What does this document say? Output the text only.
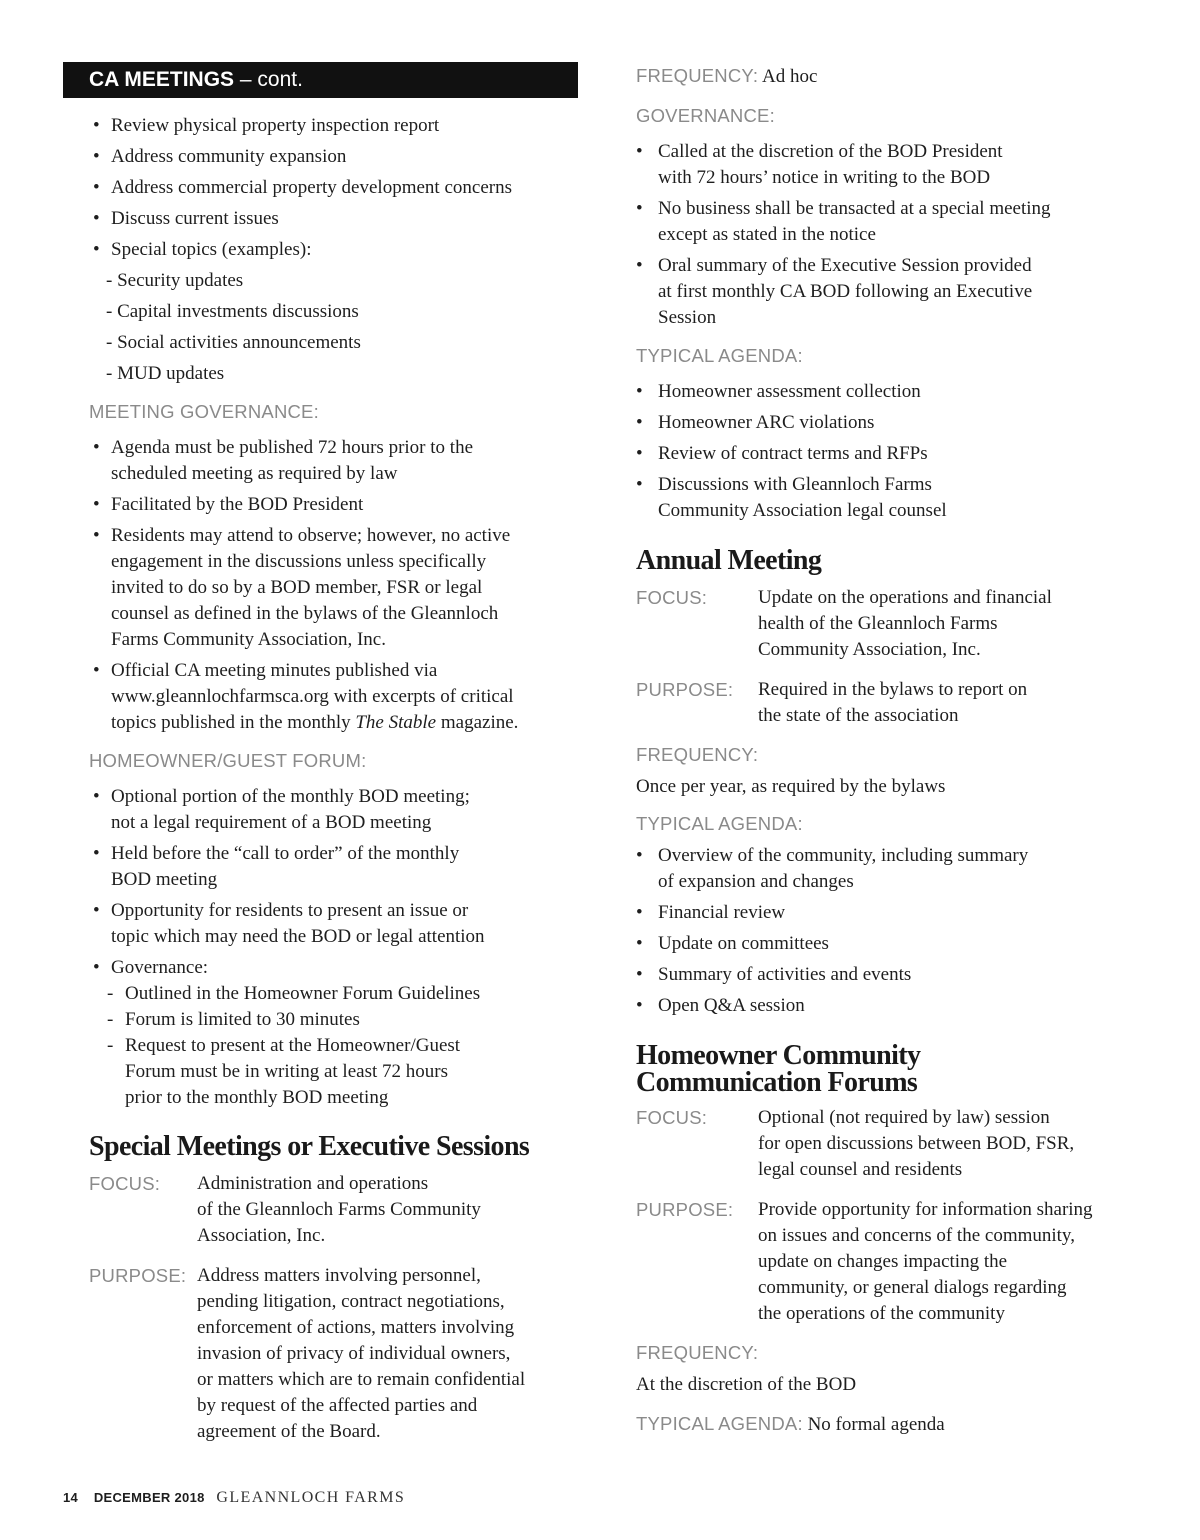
CA MEETINGS – cont.
• Review physical property inspection report
• Address community expansion
• Address commercial property development concerns
• Discuss current issues
• Special topics (examples):
- Security updates
- Capital investments discussions
- Social activities announcements
- MUD updates
MEETING GOVERNANCE:
• Agenda must be published 72 hours prior to the
scheduled meeting as required by law
• Facilitated by the BOD President
• Residents may attend to observe; however, no active
engagement in the discussions unless specifically
invited to do so by a BOD member, FSR or legal
counsel as defined in the bylaws of the Gleannloch
Farms Community Association, Inc.
• Official CA meeting minutes published via
www.gleannlochfarmsca.org with excerpts of critical
topics published in the monthly The Stable magazine.
HOMEOWNER/GUEST FORUM:
• Optional portion of the monthly BOD meeting;
not a legal requirement of a BOD meeting
• Held before the “call to order” of the monthly
BOD meeting
• Opportunity for residents to present an issue or
topic which may need the BOD or legal attention
• Governance:
- Outlined in the Homeowner Forum Guidelines
- Forum is limited to 30 minutes
- Request to present at the Homeowner/Guest
Forum must be in writing at least 72 hours
prior to the monthly BOD meeting
Special Meetings or Executive Sessions
FOCUS: Administration and operations
of the Gleannloch Farms Community
Association, Inc.
PURPOSE: Address matters involving personnel,
pending litigation, contract negotiations,
enforcement of actions, matters involving
invasion of privacy of individual owners,
or matters which are to remain confidential
by request of the affected parties and
agreement of the Board.
FREQUENCY: Ad hoc
GOVERNANCE:
• Called at the discretion of the BOD President
with 72 hours’ notice in writing to the BOD
• No business shall be transacted at a special meeting
except as stated in the notice
• Oral summary of the Executive Session provided
at first monthly CA BOD following an Executive
Session
TYPICAL AGENDA:
• Homeowner assessment collection
• Homeowner ARC violations
• Review of contract terms and RFPs
• Discussions with Gleannloch Farms
Community Association legal counsel
Annual Meeting
FOCUS:	Update on the operations and financial
health of the Gleannloch Farms
Community Association, Inc.
PURPOSE: Required in the bylaws to report on
the state of the association
FREQUENCY:
Once per year, as required by the bylaws
TYPICAL AGENDA:
• Overview of the community, including summary
of expansion and changes
• Financial review
• Update on committees
• Summary of activities and events
• Open Q&A session
Homeowner Community
Communication Forums
FOCUS:	Optional (not required by law) session
for open discussions between BOD, FSR,
legal counsel and residents
PURPOSE: Provide opportunity for information sharing
on issues and concerns of the community,
update on changes impacting the
community, or general dialogs regarding
the operations of the community
FREQUENCY:
At the discretion of the BOD
TYPICAL AGENDA: No formal agenda
14 DECEMBER 2018 GLEANNLOCH FARMS
